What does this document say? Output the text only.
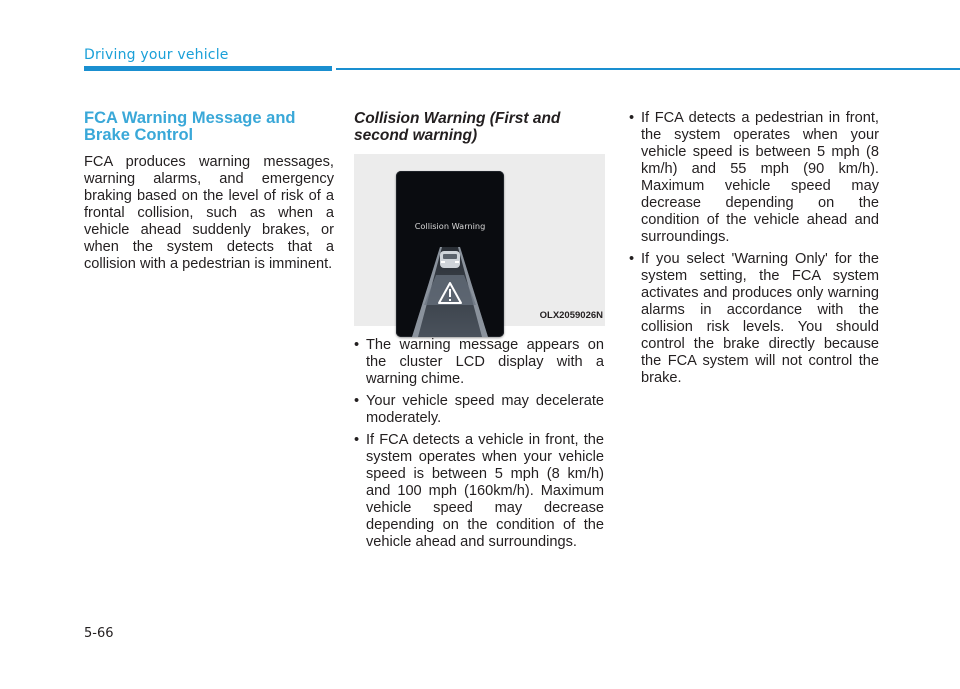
Driving your vehicle
FCA Warning Message and Brake Control

FCA produces warning messages, warning alarms, and emergency braking based on the level of risk of a frontal collision, such as when a vehicle ahead suddenly brakes, or when the system detects that a collision with a pedestrian is imminent.

Collision Warning (First and second warning)
Collision Warning
OLX2059026N
• The warning message appears on the cluster LCD display with a warning chime.
• Your vehicle speed may decelerate moderately.
• If FCA detects a vehicle in front, the system operates when your vehicle speed is between 5 mph (8 km/h) and 100 mph (160km/h). Maximum vehicle speed may decrease depending on the condition of the vehicle ahead and surroundings.
• If FCA detects a pedestrian in front, the system operates when your vehicle speed is between 5 mph (8 km/h) and 55 mph (90 km/h). Maximum vehicle speed may decrease depending on the condition of the vehicle ahead and surroundings.
• If you select 'Warning Only' for the system setting, the FCA system activates and produces only warning alarms in accordance with the collision risk levels. You should control the brake directly because the FCA system will not control the brake.
5-66
